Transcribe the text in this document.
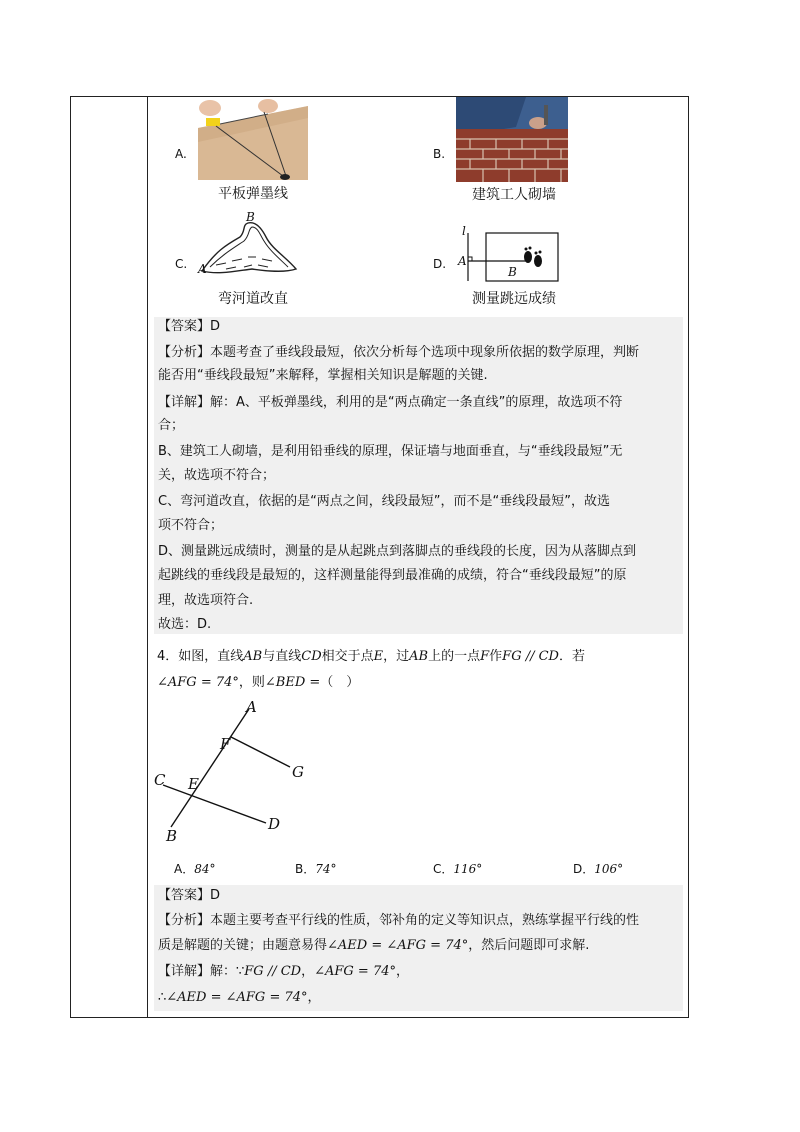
A.
平板弹墨线
B.
建筑工人砌墙
C.
B
A
弯河道改直
D.
l
A
B
测量跳远成绩
【答案】D
【分析】本题考查了垂线段最短，依次分析每个选项中现象所依据的数学原理，判断
能否用“垂线段最短”来解释，掌握相关知识是解题的关键.
【详解】解：A、平板弹墨线，利用的是“两点确定一条直线”的原理，故选项不符
合；
B、建筑工人砌墙，是利用铅垂线的原理，保证墙与地面垂直，与“垂线段最短”无
关，故选项不符合；
C、弯河道改直，依据的是“两点之间，线段最短”，而不是“垂线段最短”，故选
项不符合；
D、测量跳远成绩时，测量的是从起跳点到落脚点的垂线段的长度，因为从落脚点到
起跳线的垂线段是最短的，这样测量能得到最准确的成绩，符合“垂线段最短”的原
理，故选项符合.
故选：D.
4．如图，直线AB与直线CD相交于点E，过AB上的一点F作FG // CD．若
∠AFG = 74°，则∠BED =（　）
A
F
G
C E
B
D
A．84°	B．74°	C．116°	D．106°
【答案】D
【分析】本题主要考查平行线的性质，邻补角的定义等知识点，熟练掌握平行线的性
质是解题的关键；由题意易得∠AED = ∠AFG = 74°，然后问题即可求解.
【详解】解：∵FG // CD，∠AFG = 74°，
∴∠AED = ∠AFG = 74°，
